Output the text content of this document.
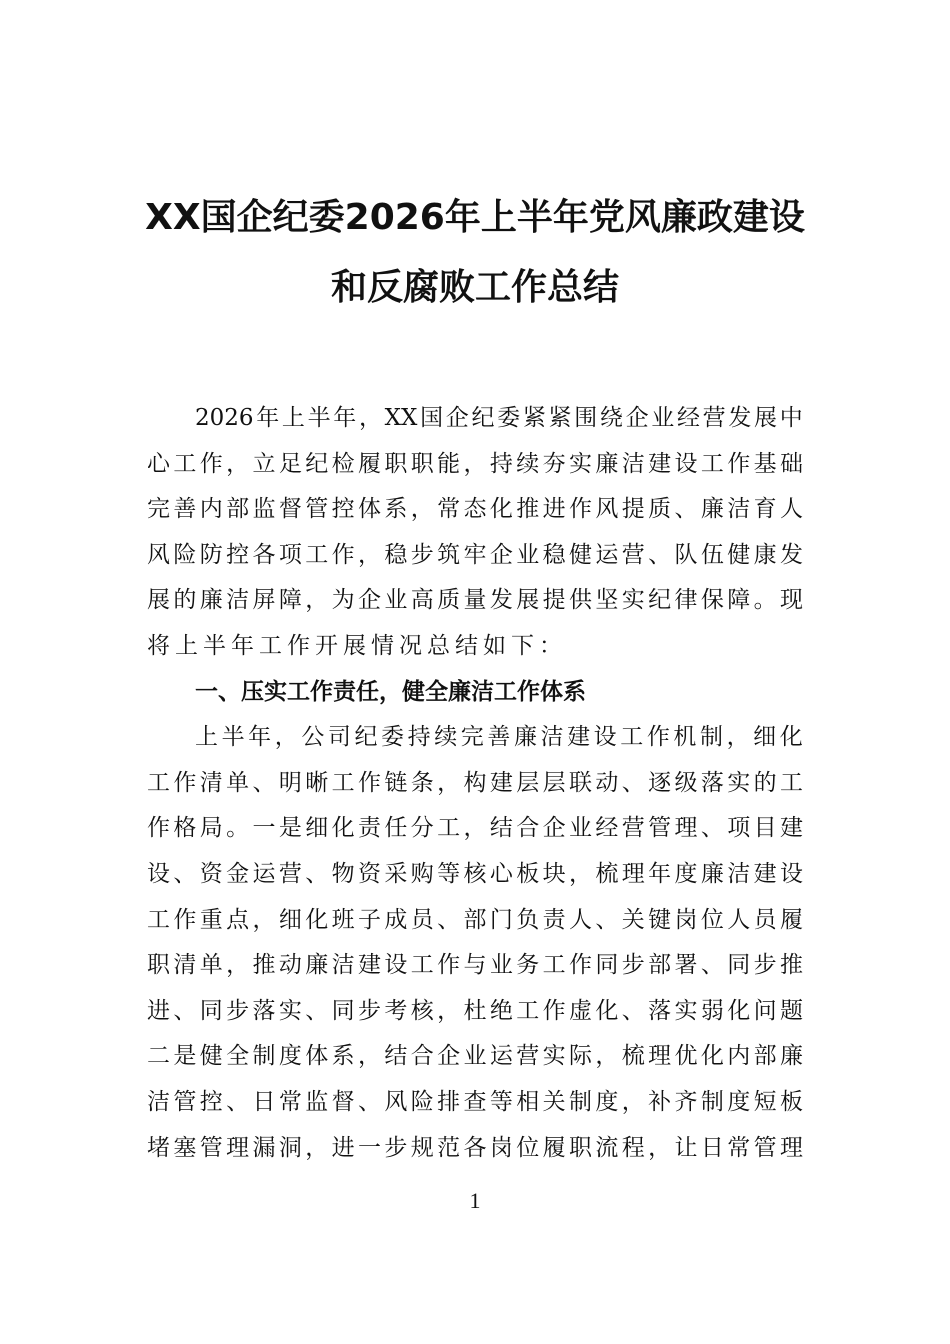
XX国企纪委2026年上半年党风廉政建设
和反腐败工作总结
2026 年 上 半 年 ， XX 国 企 纪 委 紧 紧 围 绕 企 业 经 营 发 展 中
心 工 作 ， 立 足 纪 检 履 职 职 能 ， 持 续 夯 实 廉 洁 建 设 工 作 基 础
完 善 内 部 监 督 管 控 体 系 ， 常 态 化 推 进 作 风 提 质 、 廉 洁 育 人
风 险 防 控 各 项 工 作 ， 稳 步 筑 牢 企 业 稳 健 运 营 、 队 伍 健 康 发
展 的 廉 洁 屏 障 ， 为 企 业 高 质 量 发 展 提 供 坚 实 纪 律 保 障 。 现
将上半年工作开展情况总结如下：
一、压实工作责任，健全廉洁工作体系
上 半 年 ， 公 司 纪 委 持 续 完 善 廉 洁 建 设 工 作 机 制 ， 细 化
工 作 清 单 、 明 晰 工 作 链 条 ， 构 建 层 层 联 动 、 逐 级 落 实 的 工
作 格 局 。 一 是 细 化 责 任 分 工 ， 结 合 企 业 经 营 管 理 、 项 目 建
设 、 资 金 运 营 、 物 资 采 购 等 核 心 板 块 ， 梳 理 年 度 廉 洁 建 设
工 作 重 点 ， 细 化 班 子 成 员 、 部 门 负 责 人 、 关 键 岗 位 人 员 履
职 清 单 ， 推 动 廉 洁 建 设 工 作 与 业 务 工 作 同 步 部 署 、 同 步 推
进 、 同 步 落 实 、 同 步 考 核 ， 杜 绝 工 作 虚 化 、 落 实 弱 化 问 题
二 是 健 全 制 度 体 系 ， 结 合 企 业 运 营 实 际 ， 梳 理 优 化 内 部 廉
洁 管 控 、 日 常 监 督 、 风 险 排 查 等 相 关 制 度 ， 补 齐 制 度 短 板
堵 塞 管 理 漏 洞 ， 进 一 步 规 范 各 岗 位 履 职 流 程 ， 让 日 常 管 理
1
